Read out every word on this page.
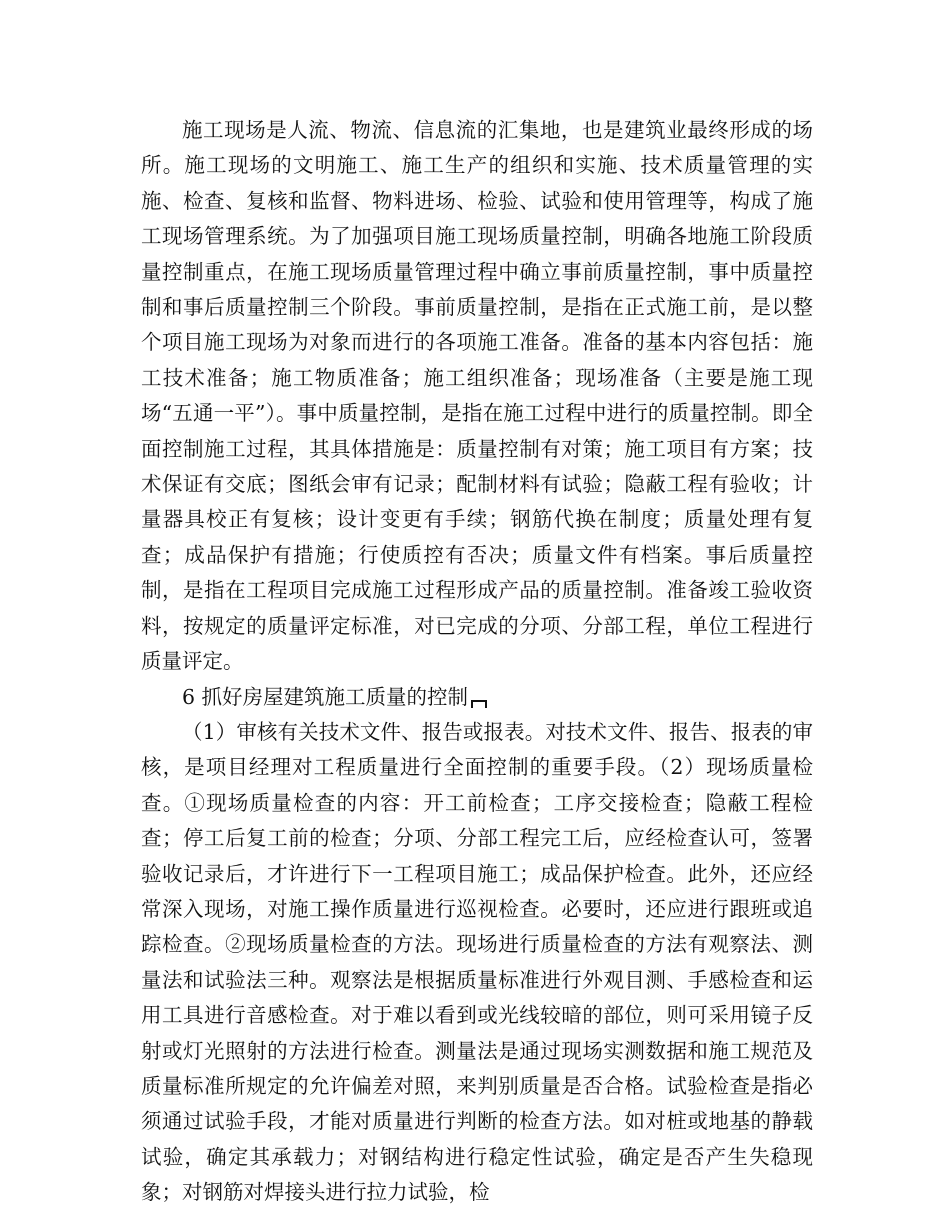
施工现场是人流、物流、信息流的汇集地，也是建筑业最终形成的场所。施工现场的文明施工、施工生产的组织和实施、技术质量管理的实施、检查、复核和监督、物料进场、检验、试验和使用管理等，构成了施工现场管理系统。为了加强项目施工现场质量控制，明确各地施工阶段质量控制重点，在施工现场质量管理过程中确立事前质量控制，事中质量控制和事后质量控制三个阶段。事前质量控制，是指在正式施工前，是以整个项目施工现场为对象而进行的各项施工准备。准备的基本内容包括：施工技术准备；施工物质准备；施工组织准备；现场准备（主要是施工现场“五通一平”）。事中质量控制，是指在施工过程中进行的质量控制。即全面控制施工过程，其具体措施是：质量控制有对策；施工项目有方案；技术保证有交底；图纸会审有记录；配制材料有试验；隐蔽工程有验收；计量器具校正有复核；设计变更有手续；钢筋代换在制度；质量处理有复查；成品保护有措施；行使质控有否决；质量文件有档案。事后质量控制，是指在工程项目完成施工过程形成产品的质量控制。准备竣工验收资料，按规定的质量评定标准，对已完成的分项、分部工程，单位工程进行质量评定。

6 抓好房屋建筑施工质量的控制

（1）审核有关技术文件、报告或报表。对技术文件、报告、报表的审核，是项目经理对工程质量进行全面控制的重要手段。（2）现场质量检查。①现场质量检查的内容：开工前检查；工序交接检查；隐蔽工程检查；停工后复工前的检查；分项、分部工程完工后，应经检查认可，签署验收记录后，才许进行下一工程项目施工；成品保护检查。此外，还应经常深入现场，对施工操作质量进行巡视检查。必要时，还应进行跟班或追踪检查。②现场质量检查的方法。现场进行质量检查的方法有观察法、测量法和试验法三种。观察法是根据质量标准进行外观目测、手感检查和运用工具进行音感检查。对于难以看到或光线较暗的部位，则可采用镜子反射或灯光照射的方法进行检查。测量法是通过现场实测数据和施工规范及质量标准所规定的允许偏差对照，来判别质量是否合格。试验检查是指必须通过试验手段，才能对质量进行判断的检查方法。如对桩或地基的静载试验，确定其承载力；对钢结构进行稳定性试验，确定是否产生失稳现象；对钢筋对焊接头进行拉力试验，检
